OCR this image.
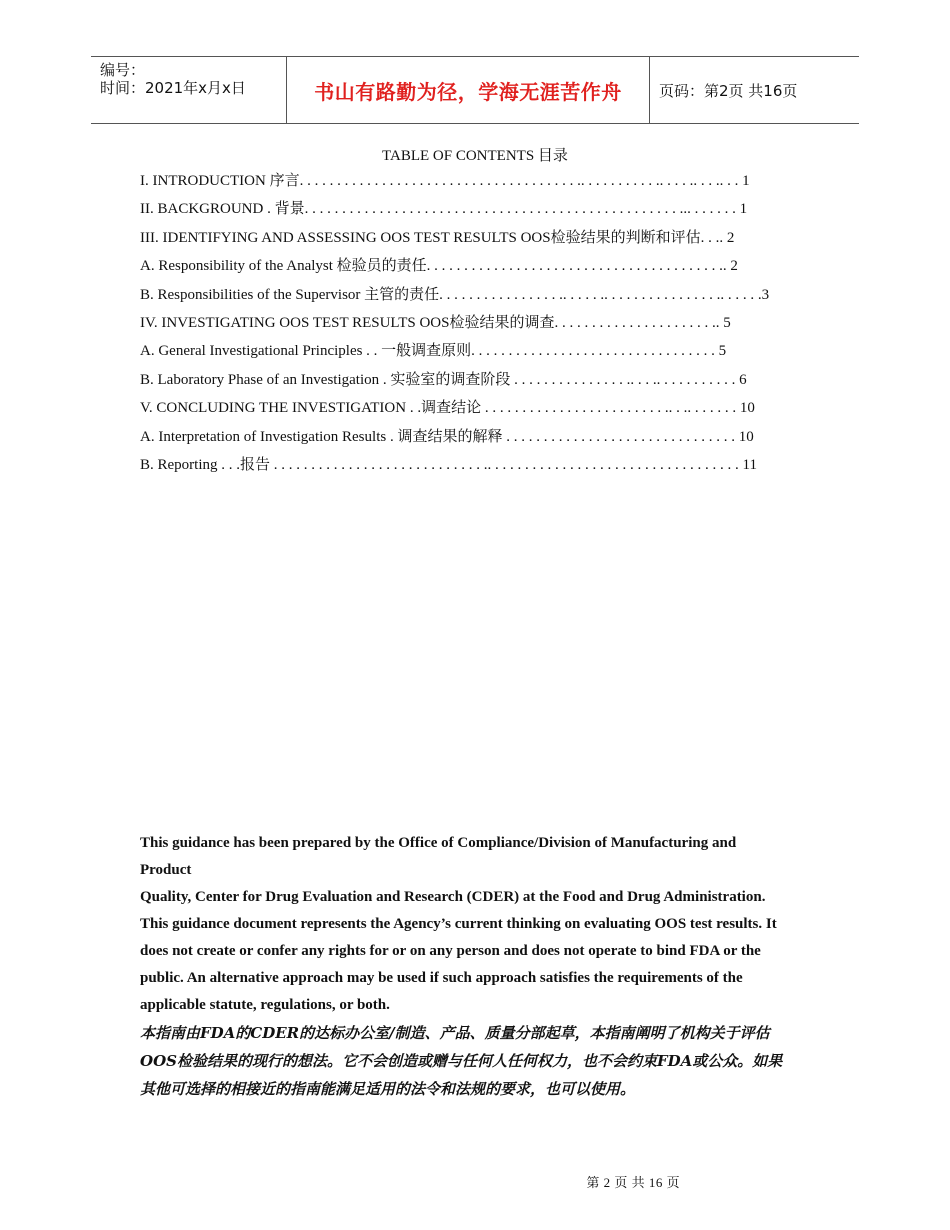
编号：
时间：2021年x月x日	书山有路勤为径，学海无涯苦作舟 页码：第2页 共16页
TABLE OF CONTENTS 目录
I. INTRODUCTION 序言. . . . . . . . . . . . . . . . . . . . . . . . . . . . . . . . . . . . . .. . . . . . . . . . .. . . . .. . . .. . . 1
II. BACKGROUND . 背景. . . . . . . . . . . . . . . . . . . . . . . . . . . . . . . . . . . . . . . . . . . . . . . . . . ... . . . . . . 1
III. IDENTIFYING AND ASSESSING OOS TEST RESULTS OOS检验结果的判断和评估. . .. 2
A. Responsibility of the Analyst 检验员的责任. . . . . . . . . . . . . . . . . . . . . . . . . . . . . . . . . . . . . . . .. 2
B. Responsibilities of the Supervisor 主管的责任. . . . . . . . . . . . . . . . .. . . . . .. . . . . . . . . . . . . . . .. . . . . .3
IV. INVESTIGATING OOS TEST RESULTS OOS检验结果的调查. . . . . . . . . . . . . . . . . . . . . .. 5
A. General Investigational Principles . . 一般调查原则. . . . . . . . . . . . . . . . . . . . . . . . . . . . . . . . . 5
B. Laboratory Phase of an Investigation . 实验室的调查阶段 . . . . . . . . . . . . . . . .. . . .. . . . . . . . . . . 6
V. CONCLUDING THE INVESTIGATION . .调查结论 . . . . . . . . . . . . . . . . . . . . . . . . .. . .. . . . . . . 10
A. Interpretation of Investigation Results . 调查结果的解释 . . . . . . . . . . . . . . . . . . . . . . . . . . . . . . . 10
B. Reporting . . .报告 . . . . . . . . . . . . . . . . . . . . . . . . . . . . .. . . . . . . . . . . . . . . . . . . . . . . . . . . . . . . . . . 11

This guidance has been prepared by the Office of Compliance/Division of Manufacturing and

Product

Quality, Center for Drug Evaluation and Research (CDER) at the Food and Drug Administration.

This guidance document represents the Agency’s current thinking on evaluating OOS test results. It

does not create or confer any rights for or on any person and does not operate to bind FDA or the

public. An alternative approach may be used if such approach satisfies the requirements of the

applicable statute, regulations, or both.

本指南由FDA的CDER的达标办公室/制造、产品、质量分部起草，本指南阐明了机构关于评估

OOS检验结果的现行的想法。它不会创造或赠与任何人任何权力，也不会约束FDA或公众。如果

其他可选择的相接近的指南能满足适用的法令和法规的要求，也可以使用。

第 2 页 共 16 页
